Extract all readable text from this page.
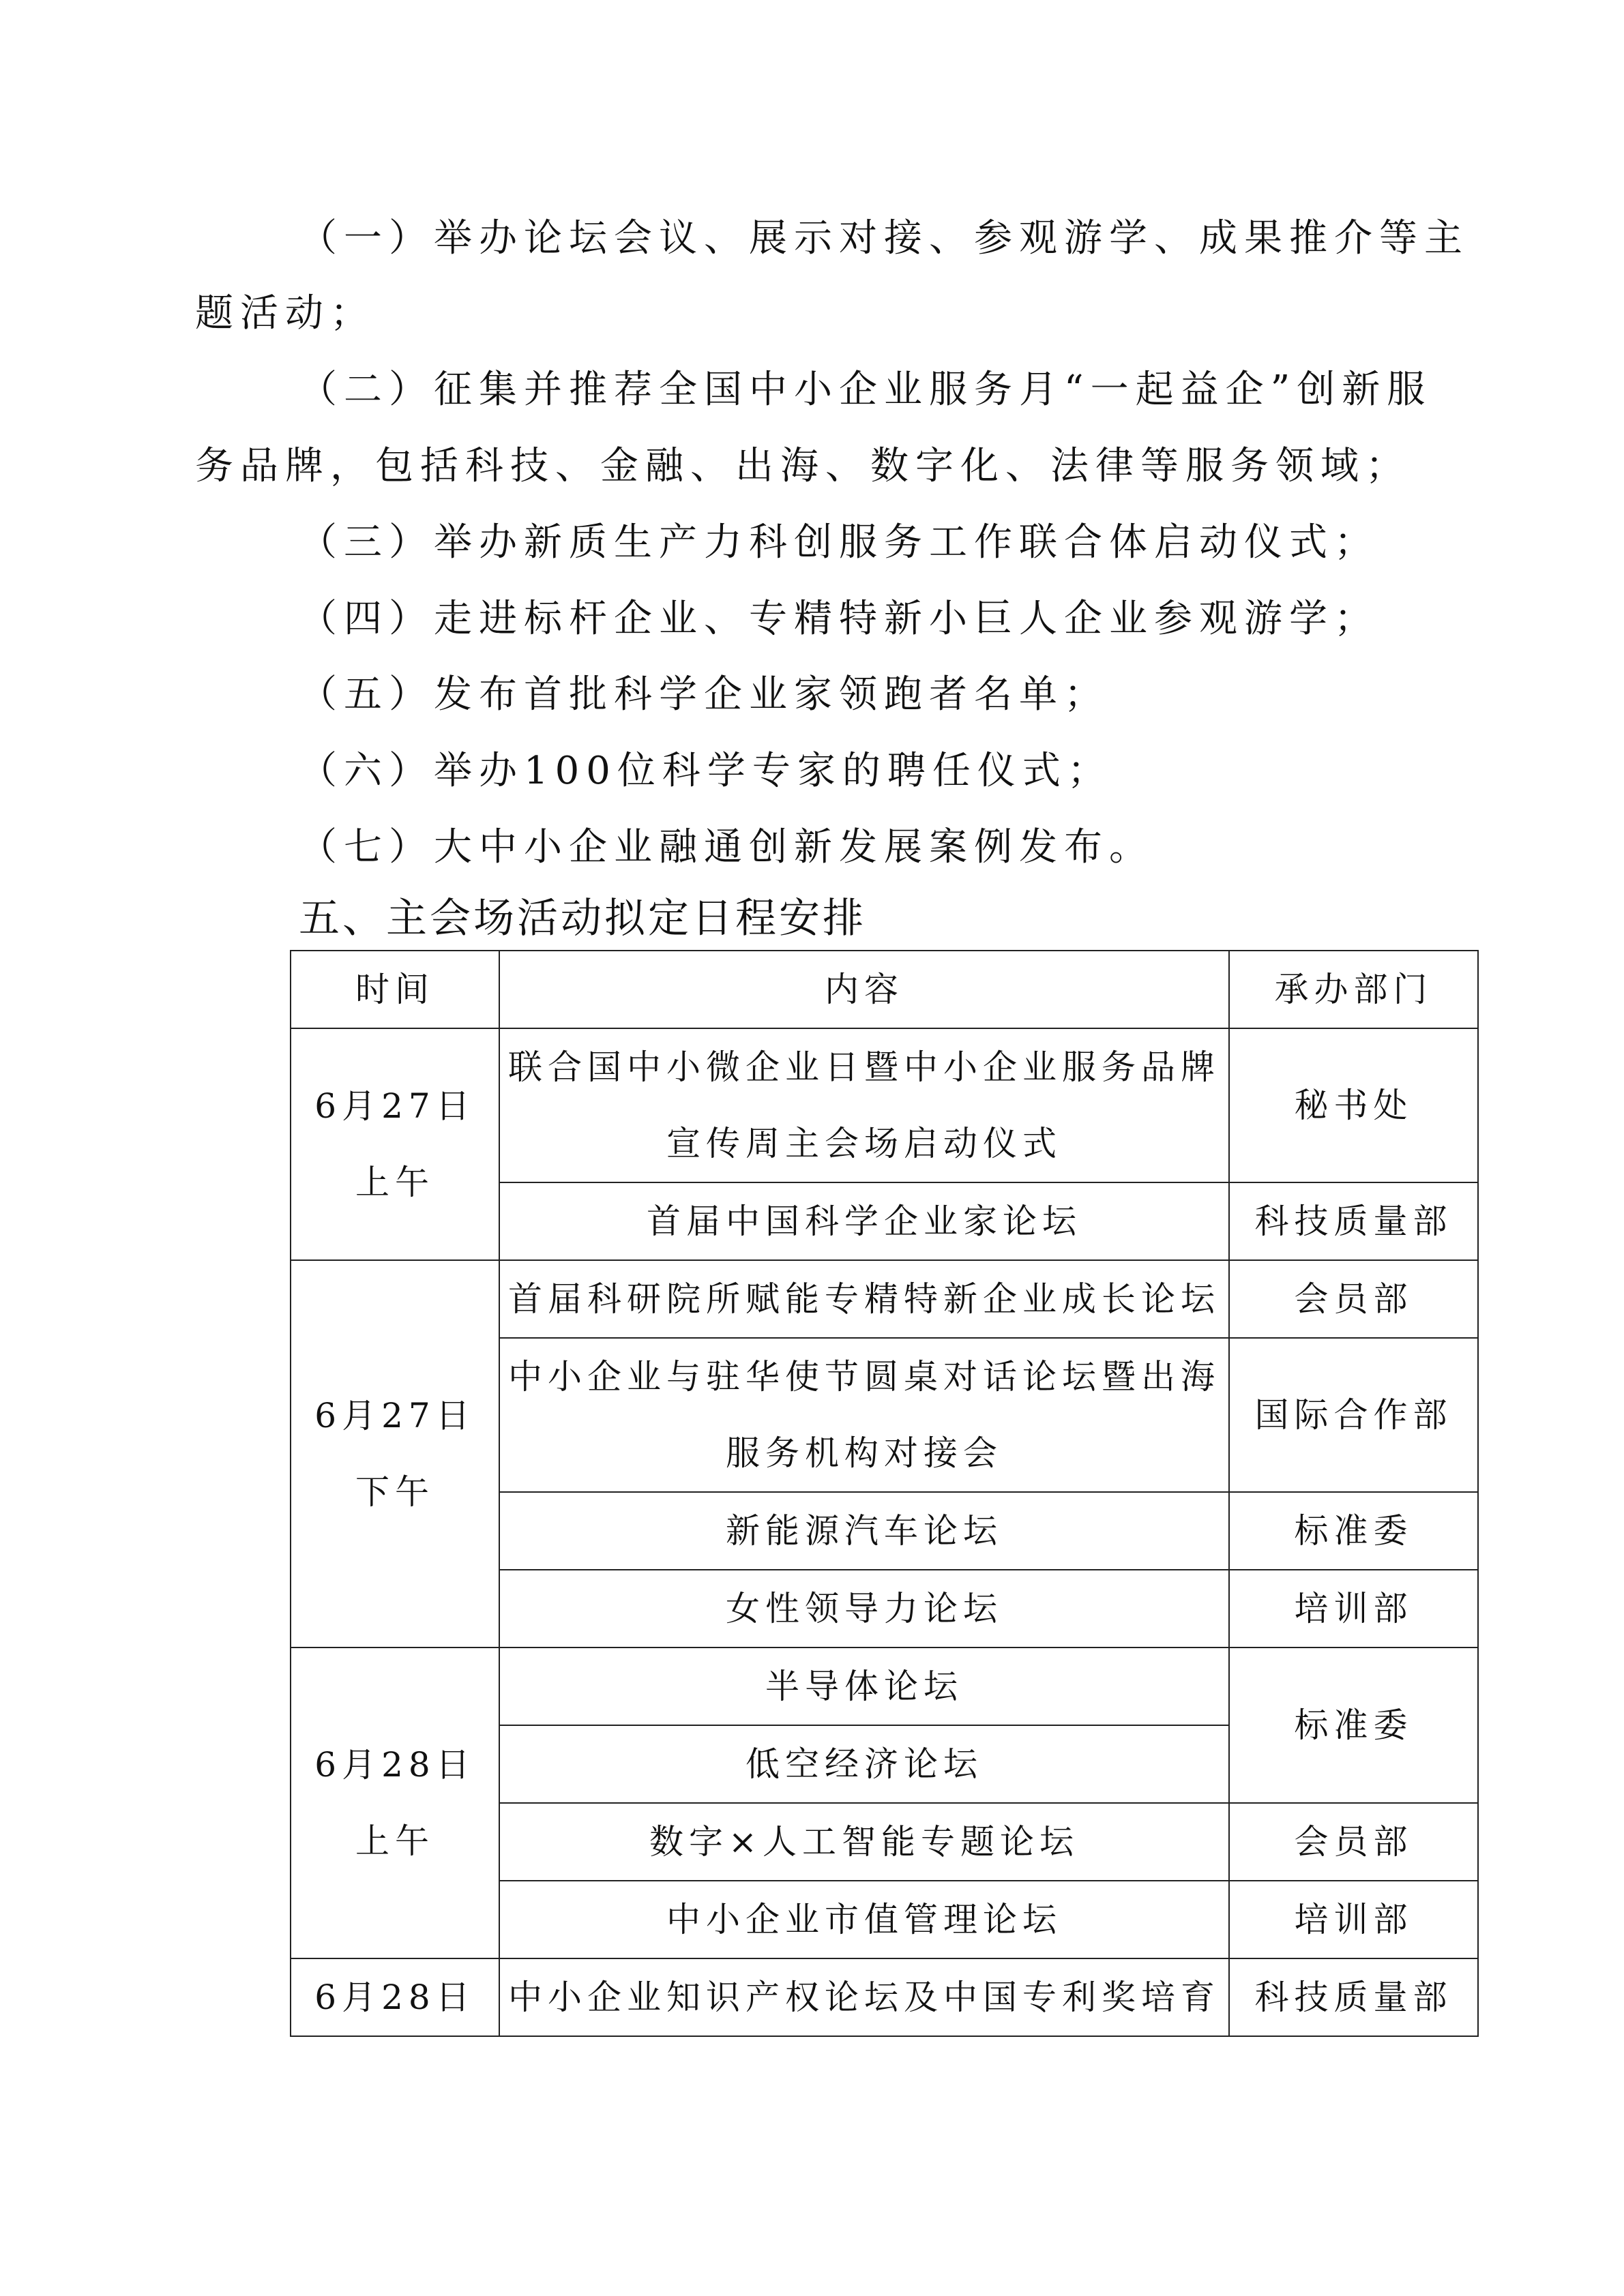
（一）举办论坛会议、展示对接、参观游学、成果推介等主
题活动；
（二）征集并推荐全国中小企业服务月“一起益企”创新服
务品牌，包括科技、金融、出海、数字化、法律等服务领域；
（三）举办新质生产力科创服务工作联合体启动仪式；
（四）走进标杆企业、专精特新小巨人企业参观游学；
（五）发布首批科学企业家领跑者名单；
（六）举办100位科学专家的聘任仪式；
（七）大中小企业融通创新发展案例发布。
五、主会场活动拟定日程安排
时间	内容	承办部门

6月27日
上午	联合国中小微企业日暨中小企业服务品牌
宣传周主会场启动仪式	秘书处
	首届中国科学企业家论坛	科技质量部

6月27日
下午	首届科研院所赋能专精特新企业成长论坛	会员部

	中小企业与驻华使节圆桌对话论坛暨出海
服务机构对接会	国际合作部
	新能源汽车论坛	标准委
	女性领导力论坛	培训部

6月28日
上午	半导体论坛	标准委
	低空经济论坛	
	数字×人工智能专题论坛	会员部
	中小企业市值管理论坛	培训部
6月28日	中小企业知识产权论坛及中国专利奖培育	科技质量部
